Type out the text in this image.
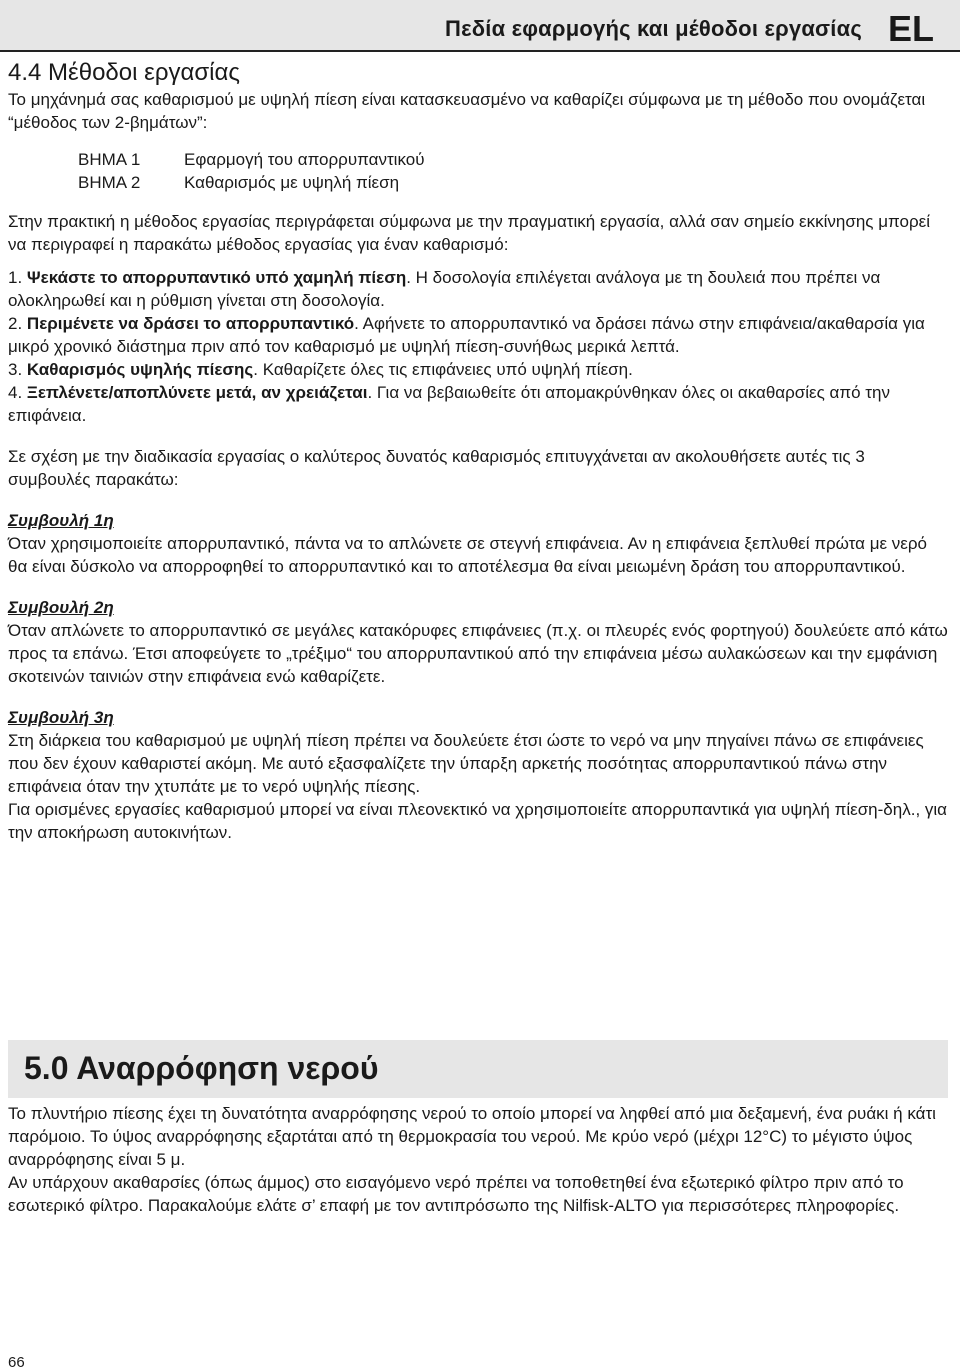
Πεδία εφαρμογής και μέθοδοι εργασίας EL
4.4 Μέθοδοι εργασίας

Το μηχάνημά σας καθαρισμού με υψηλή πίεση είναι κατασκευασμένο να καθαρίζει σύμφωνα με τη μέθοδο που ονομάζεται “μέθοδος των 2-βημάτων”:

ΒΗΜΑ 1	Εφαρμογή του απορρυπαντικού
ΒΗΜΑ 2	Καθαρισμός με υψηλή πίεση

Στην πρακτική η μέθοδος εργασίας περιγράφεται σύμφωνα με την πραγματική εργασία, αλλά σαν σημείο εκκίνησης μπορεί να περιγραφεί η παρακάτω μέθοδος εργασίας για έναν καθαρισμό:

1. Ψεκάστε το απορρυπαντικό υπό χαμηλή πίεση. Η δοσολογία επιλέγεται ανάλογα με τη δουλειά που πρέπει να ολοκληρωθεί και η ρύθμιση γίνεται στη δοσολογία.

2. Περιμένετε να δράσει το απορρυπαντικό. Αφήνετε το απορρυπαντικό να δράσει πάνω στην επιφάνεια/ακαθαρσία για μικρό χρονικό διάστημα πριν από τον καθαρισμό με υψηλή πίεση-συνήθως μερικά λεπτά.

3. Καθαρισμός υψηλής πίεσης. Καθαρίζετε όλες τις επιφάνειες υπό υψηλή πίεση.

4. Ξεπλένετε/αποπλύνετε μετά, αν χρειάζεται. Για να βεβαιωθείτε ότι απομακρύνθηκαν όλες οι ακαθαρσίες από την επιφάνεια.

Σε σχέση με την διαδικασία εργασίας ο καλύτερος δυνατός καθαρισμός επιτυγχάνεται αν ακολουθήσετε αυτές τις 3 συμβουλές παρακάτω:

Συμβουλή 1η

Όταν χρησιμοποιείτε απορρυπαντικό, πάντα να το απλώνετε σε στεγνή επιφάνεια. Αν η επιφάνεια ξεπλυθεί πρώτα με νερό θα είναι δύσκολο να απορροφηθεί το απορρυπαντικό και το αποτέλεσμα θα είναι μειωμένη δράση του απορρυπαντικού.

Συμβουλή 2η

Όταν απλώνετε το απορρυπαντικό σε μεγάλες κατακόρυφες επιφάνειες (π.χ. οι πλευρές ενός φορτηγού) δουλεύετε από κάτω προς τα επάνω. Έτσι αποφεύγετε το „τρέξιμο“ του απορρυπαντικού από την επιφάνεια μέσω αυλακώσεων και την εμφάνιση σκοτεινών ταινιών στην επιφάνεια ενώ καθαρίζετε.

Συμβουλή 3η

Στη διάρκεια του καθαρισμού με υψηλή πίεση πρέπει να δουλεύετε έτσι ώστε το νερό να μην πηγαίνει πάνω σε επιφάνειες που δεν έχουν καθαριστεί ακόμη. Με αυτό εξασφαλίζετε την ύπαρξη αρκετής ποσότητας απορρυπαντικού πάνω στην επιφάνεια όταν την χτυπάτε με το νερό υψηλής πίεσης.

Για ορισμένες εργασίες καθαρισμού μπορεί να είναι πλεονεκτικό να χρησιμοποιείτε απορρυπαντικά για υψηλή πίεση-δηλ., για την αποκήρωση αυτοκινήτων.

5.0 Αναρρόφηση νερού

Το πλυντήριο πίεσης έχει τη δυνατότητα αναρρόφησης νερού το οποίο μπορεί να ληφθεί από μια δεξαμενή, ένα ρυάκι ή κάτι παρόμοιο. Το ύψος αναρρόφησης εξαρτάται από τη θερμοκρασία του νερού. Με κρύο νερό (μέχρι 12°C) το μέγιστο ύψος αναρρόφησης είναι 5 μ.

Αν υπάρχουν ακαθαρσίες (όπως άμμος) στο εισαγόμενο νερό πρέπει να τοποθετηθεί ένα εξωτερικό φίλτρο πριν από το εσωτερικό φίλτρο. Παρακαλούμε ελάτε σ’ επαφή με τον αντιπρόσωπο της Nilfisk-ALTO για περισσότερες πληροφορίες.

66
